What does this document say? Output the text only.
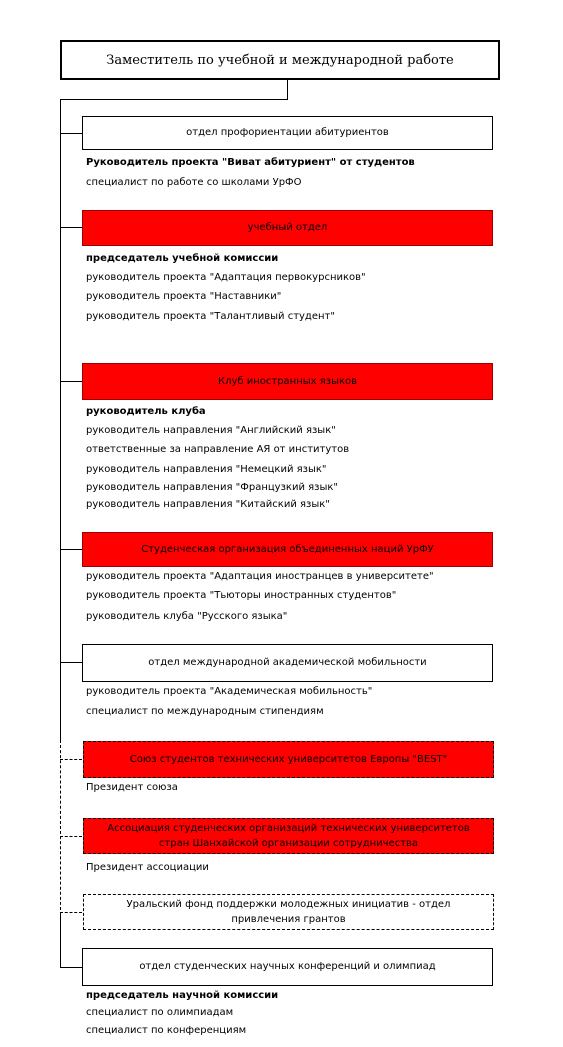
Заместитель по учебной и международной работе
отдел профориентации абитуриентов
Руководитель проекта "Виват абитуриент" от студентов
специалист по работе со школами УрФО
учебный отдел
председатель учебной комиссии
руководитель проекта "Адаптация первокурсников"
руководитель проекта "Наставники"
руководитель проекта "Талантливый студент"
Клуб иностранных языков
руководитель клуба
руководитель направления "Английский язык"
ответственные за направление АЯ от институтов
руководитель направления "Немецкий язык"
руководитель направления "Французкий язык"
руководитель направления "Китайский язык"
Студенческая организация объединенных наций УрФУ
руководитель проекта "Адаптация иностранцев в университете"
руководитель проекта "Тьюторы иностранных студентов"
руководитель клуба "Русского языка"
отдел международной академической мобильности
руководитель проекта "Академическая мобильность"
специалист по международным стипендиям
Союз студентов технических университетов Европы "BEST"
Президент союза
Ассоциация студенческих организаций технических университетов
стран Шанхайской организации сотрудничества
Президент ассоциации
Уральский фонд поддержки молодежных инициатив - отдел
привлечения грантов
отдел студенческих научных конференций и олимпиад
председатель научной комиссии
специалист по олимпиадам
специалист по конференциям
